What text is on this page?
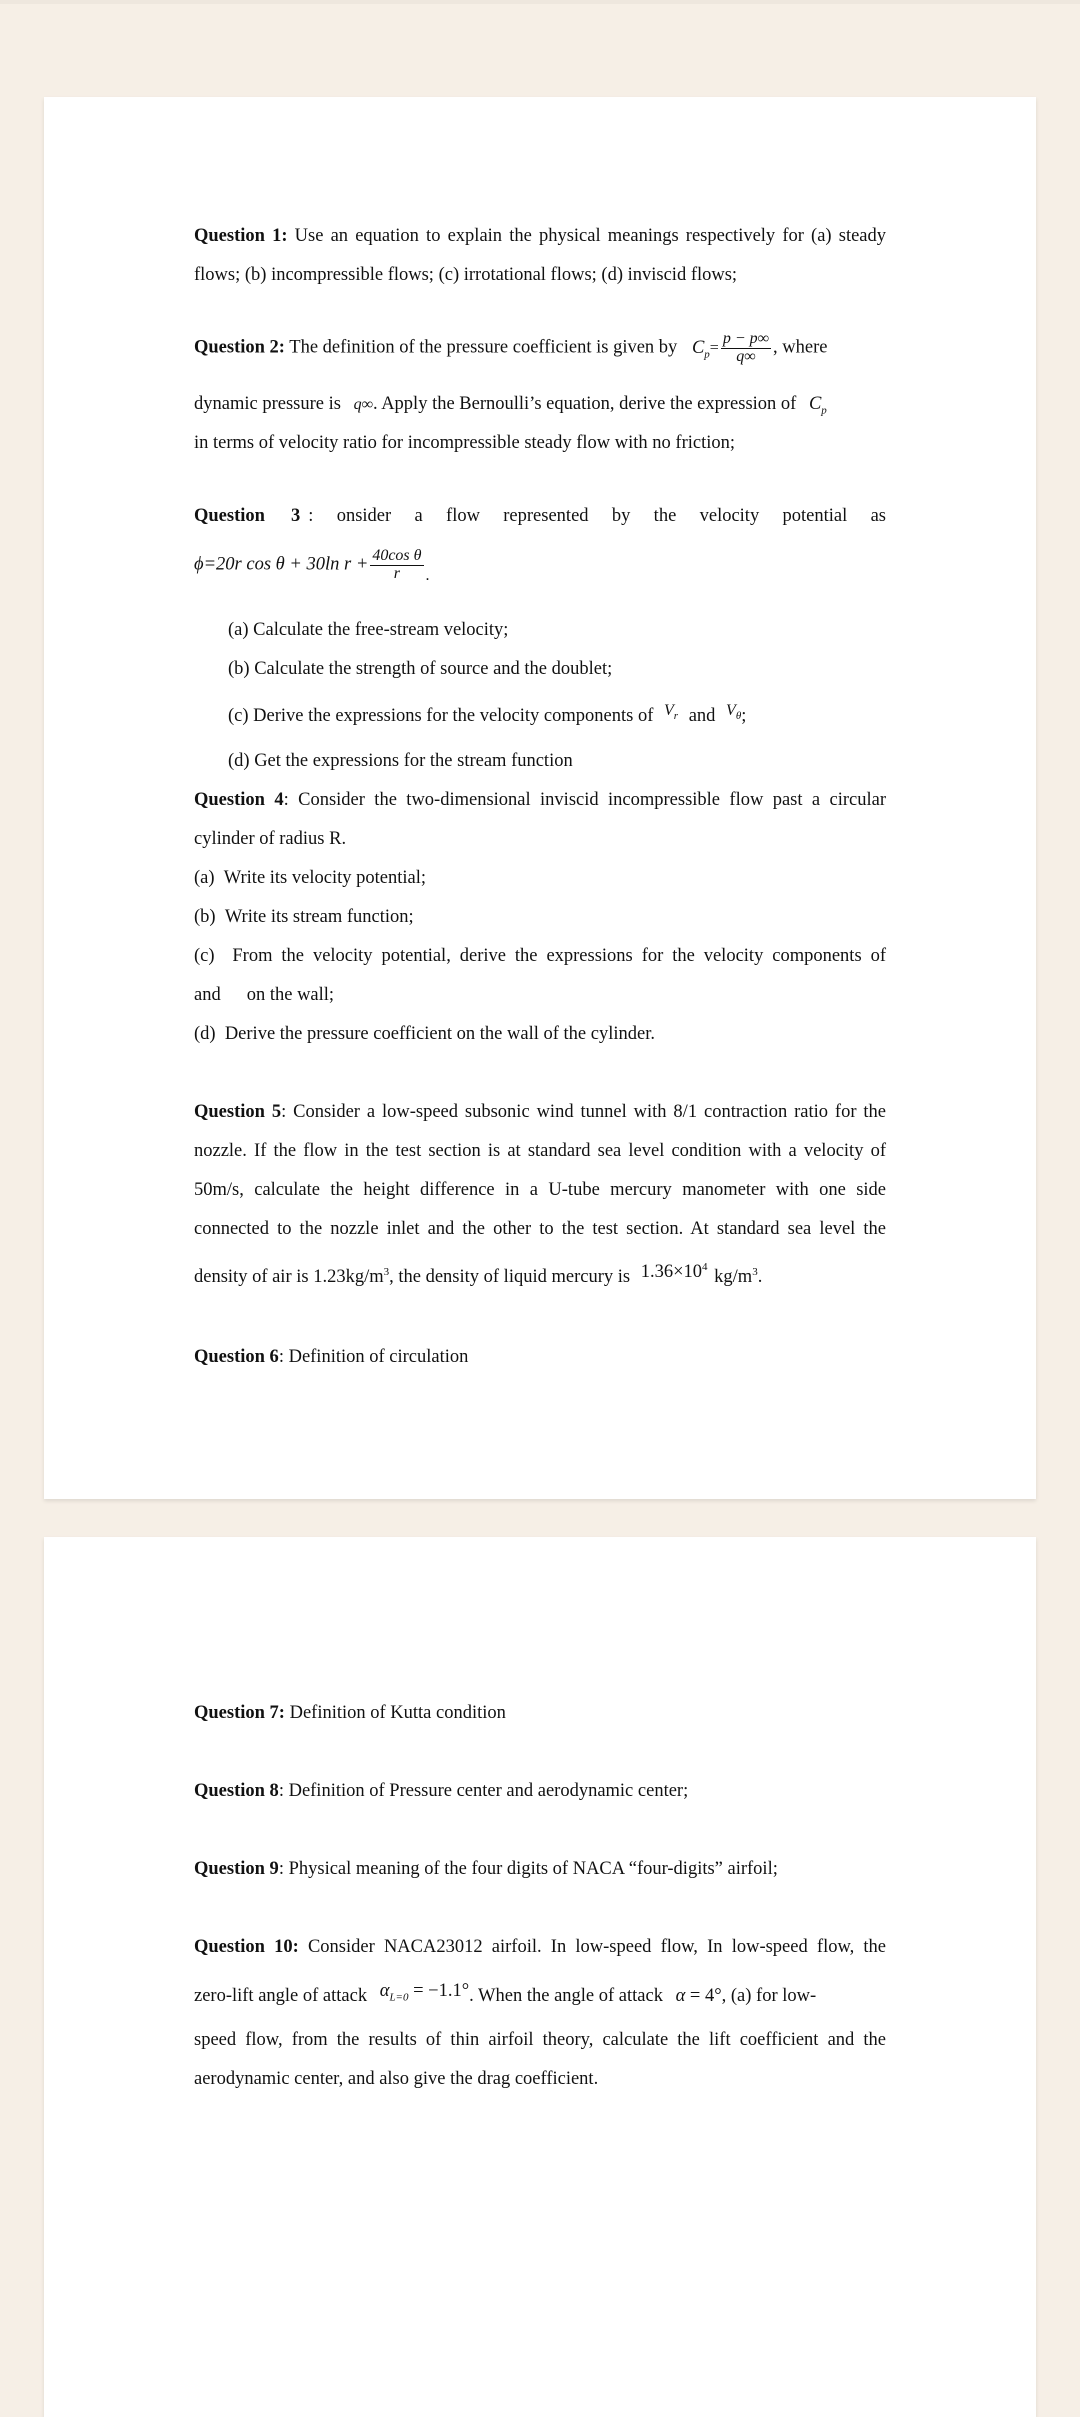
Question 1: Use an equation to explain the physical meanings respectively for (a) steady
flows; (b) incompressible flows; (c) irrotational flows; (d) inviscid flows;
Question 2: The definition of the pressure coefficient is given by $C_p= \frac{p - p\infty}{q\infty}$ , where
dynamic pressure is q∞. Apply the Bernoulli’s equation, derive the expression of $C_p$
in terms of velocity ratio for incompressible steady flow with no friction;
Question 3 : onsider a flow represented by the velocity potential as
ϕ=20r cos θ + 30ln $r + \frac{\text{40cos θ}}{r}$ .
(a) Calculate the free-stream velocity;
(b) Calculate the strength of source and the doublet;
(c) Derive the expressions for the velocity components of $V_r$ and $V_\theta$;
(d) Get the expressions for the stream function
Question 4: Consider the two-dimensional inviscid incompressible flow past a circular
cylinder of radius R.
(a)  Write its velocity potential;
(b)  Write its stream function;
(c)  From the velocity potential, derive the expressions for the velocity components of
and on the wall;
(d)  Derive the pressure coefficient on the wall of the cylinder.
Question 5: Consider a low-speed subsonic wind tunnel with 8/1 contraction ratio for the
nozzle. If the flow in the test section is at standard sea level condition with a velocity of
50m/s, calculate the height difference in a U-tube mercury manometer with one side
connected to the nozzle inlet and the other to the test section. At standard sea level the
density of air is $1.23kg/m^3$, the density of liquid mercury is $1.36\times 10^4$ $kg/m^3$.
Question 6: Definition of circulation
Question 7: Definition of Kutta condition
Question 8: Definition of Pressure center and aerodynamic center;
Question 9: Physical meaning of the four digits of NACA “four-digits” airfoil;
Question 10: Consider NACA23012 airfoil. In low-speed flow, In low-speed flow, the
zero-lift angle of attack $\alpha_{L=0} = -1.1^\circ$. When the angle of attack α = 4°, (a) for low-
speed flow, from the results of thin airfoil theory, calculate the lift coefficient and the
aerodynamic center, and also give the drag coefficient.
